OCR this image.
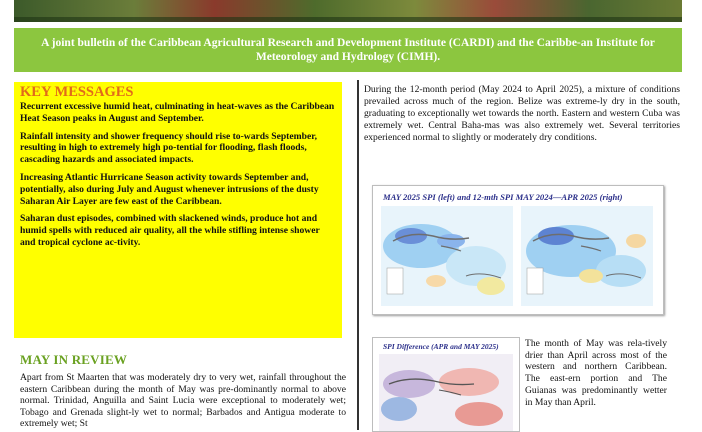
A joint bulletin of the Caribbean Agricultural Research and Development Institute (CARDI) and the Caribbe-an Institute for Meteorology and Hydrology (CIMH).

KEY MESSAGES

Recurrent excessive humid heat, culminating in heat-waves as the Caribbean Heat Season peaks in August and September.

Rainfall intensity and shower frequency should rise to-wards September, resulting in high to extremely high po-tential for flooding, flash floods, cascading hazards and associated impacts.

Increasing Atlantic Hurricane Season activity towards September and, potentially, also during July and August whenever intrusions of the dusty Saharan Air Layer are few east of the Caribbean.

Saharan dust episodes, combined with slackened winds, produce hot and humid spells with reduced air quality, all the while stifling intense shower and tropical cyclone ac-tivity.

MAY IN REVIEW
Apart from St Maarten that was moderately dry to very wet, rainfall throughout the eastern Caribbean during the month of May was pre-dominantly normal to above normal. Trinidad, Anguilla and Saint Lucia were exceptional to moderately wet; Tobago and Grenada slight-ly wet to normal; Barbados and Antigua moderate to extremely wet; St
During the 12-month period (May 2024 to April 2025), a mixture of conditions prevailed across much of the region. Belize was extreme-ly dry in the south, graduating to exceptionally wet towards the north. Eastern and western Cuba was extremely wet. Central Baha-mas was also extremely wet. Several territories experienced normal to slightly or moderately dry conditions.
MAY 2025 SPI (left) and 12-mth SPI MAY 2024—APR 2025 (right)
SPI Difference (APR and MAY 2025)	The month of May was rela-tively drier than April across most of the western and northern Caribbean. The east-ern portion and The Guianas was predominantly wetter in May than April.
